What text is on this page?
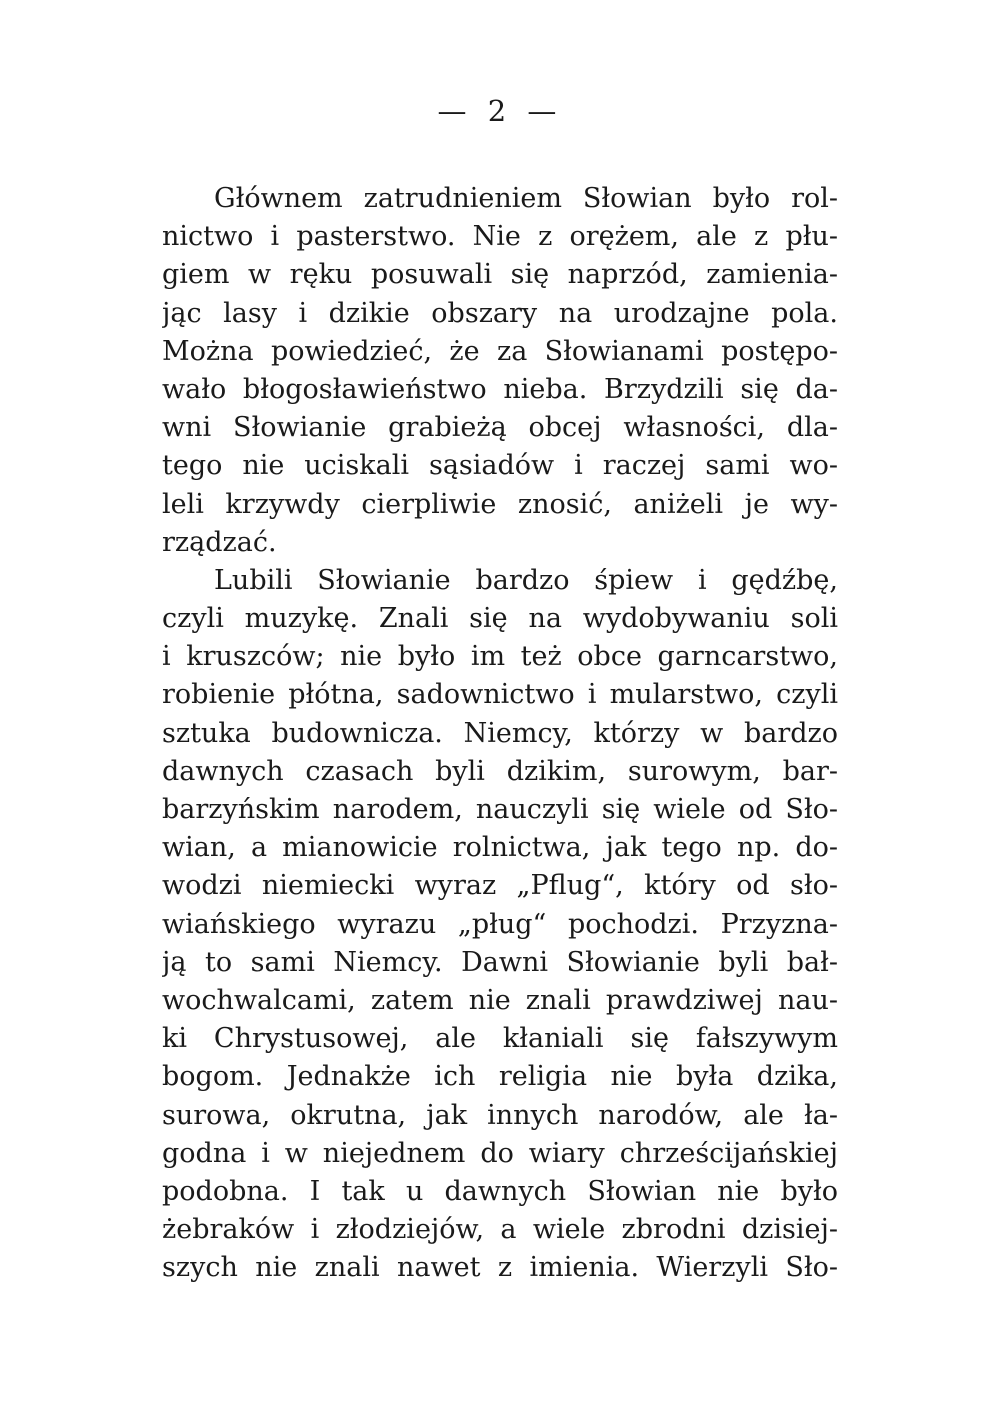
— 2 —
Głównem zatrudnieniem Słowian było rol-
nictwo i pasterstwo. Nie z orężem, ale z płu-
giem w ręku posuwali się naprzód, zamienia-
jąc lasy i dzikie obszary na urodzajne pola.
Można powiedzieć, że za Słowianami postępo-
wało błogosławieństwo nieba. Brzydzili się da-
wni Słowianie grabieżą obcej własności, dla-
tego nie uciskali sąsiadów i raczej sami wo-
leli krzywdy cierpliwie znosić, aniżeli je wy-
rządzać.
Lubili Słowianie bardzo śpiew i gędźbę,
czyli muzykę. Znali się na wydobywaniu soli
i kruszców; nie było im też obce garncarstwo,
robienie płótna, sadownictwo i mularstwo, czyli
sztuka budownicza. Niemcy, którzy w bardzo
dawnych czasach byli dzikim, surowym, bar-
barzyńskim narodem, nauczyli się wiele od Sło-
wian, a mianowicie rolnictwa, jak tego np. do-
wodzi niemiecki wyraz „Pflug“, który od sło-
wiańskiego wyrazu „pług“ pochodzi. Przyzna-
ją to sami Niemcy. Dawni Słowianie byli bał-
wochwalcami, zatem nie znali prawdziwej nau-
ki Chrystusowej, ale kłaniali się fałszywym
bogom. Jednakże ich religia nie była dzika,
surowa, okrutna, jak innych narodów, ale ła-
godna i w niejednem do wiary chrześcijańskiej
podobna. I tak u dawnych Słowian nie było
żebraków i złodziejów, a wiele zbrodni dzisiej-
szych nie znali nawet z imienia. Wierzyli Sło-
